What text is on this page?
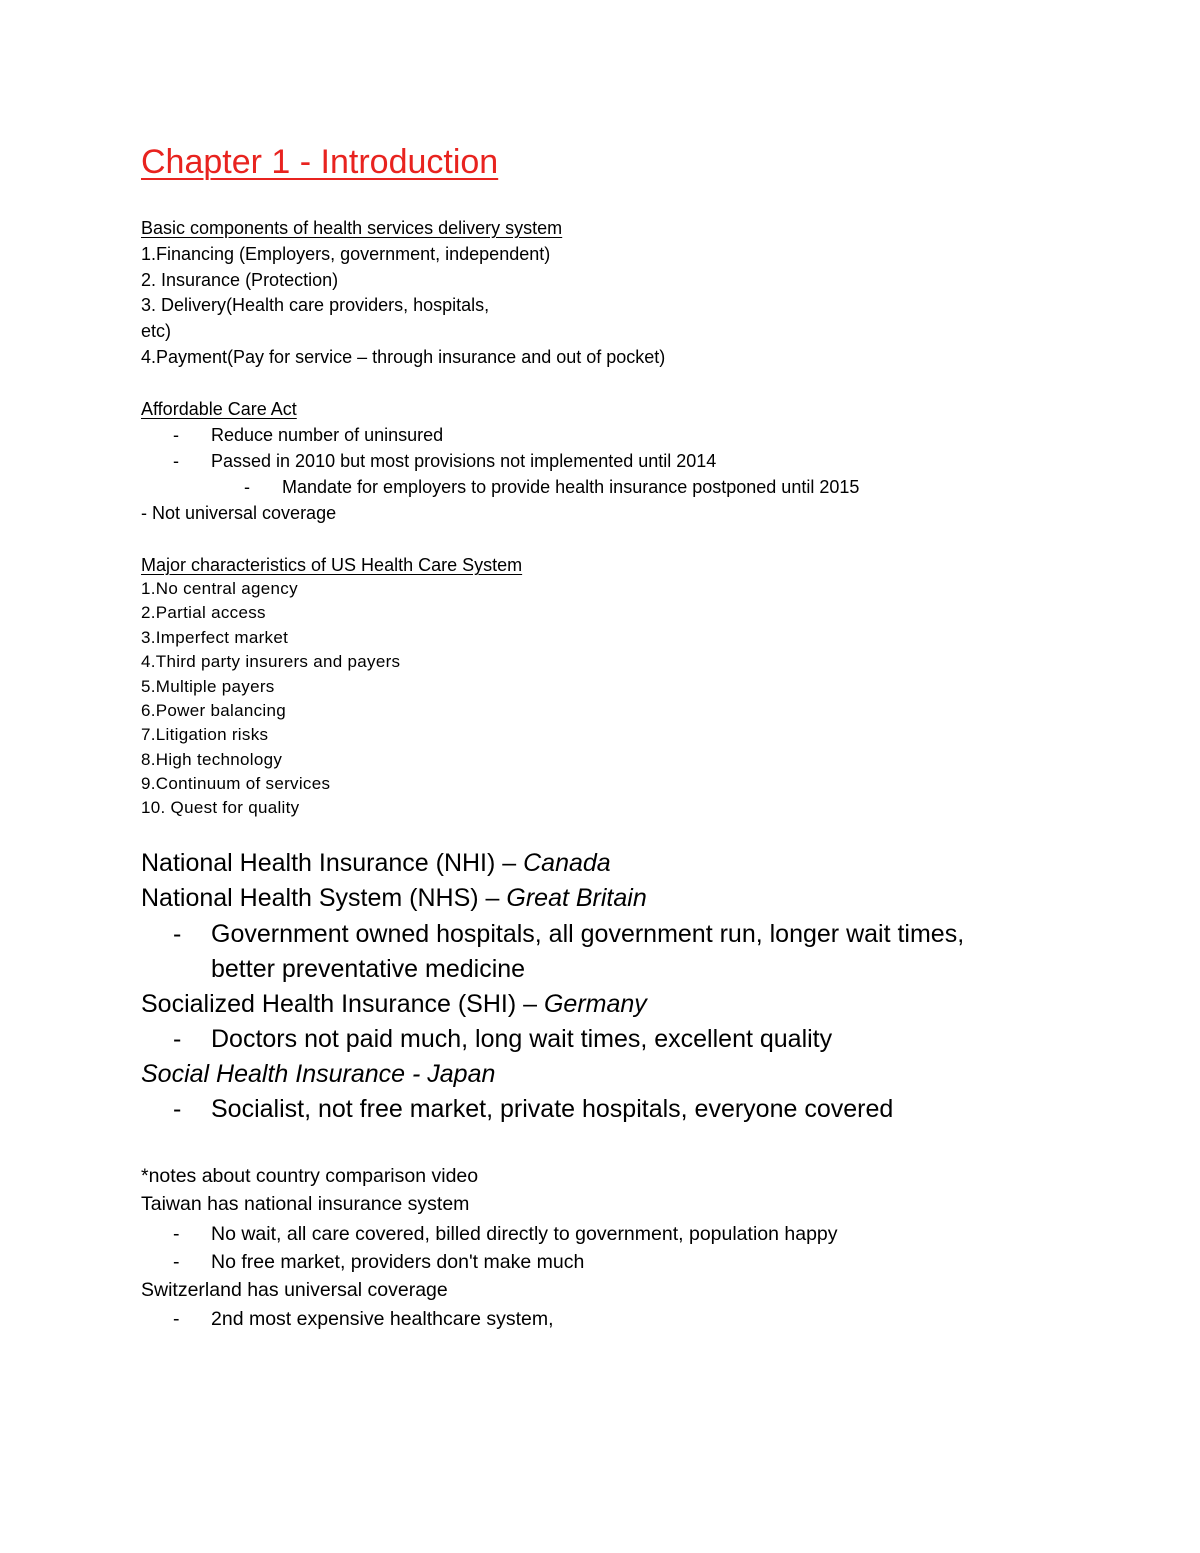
Chapter 1 - Introduction
Basic components of health services delivery system
1.Financing (Employers, government, independent)
2. Insurance (Protection)
3. Delivery(Health care providers, hospitals,
etc)
4.Payment(Pay for service – through insurance and out of pocket)
Affordable Care Act
- Reduce number of uninsured
- Passed in 2010 but most provisions not implemented until 2014
- Mandate for employers to provide health insurance postponed until 2015
- Not universal coverage
Major characteristics of US Health Care System
1.No central agency
2.Partial access
3.Imperfect market
4.Third party insurers and payers
5.Multiple payers
6.Power balancing
7.Litigation risks
8.High technology
9.Continuum of services
10. Quest for quality
National Health Insurance (NHI) – Canada
National Health System (NHS) – Great Britain
- Government owned hospitals, all government run, longer wait times,
better preventative medicine
Socialized Health Insurance (SHI) – Germany
- Doctors not paid much, long wait times, excellent quality
Social Health Insurance - Japan
- Socialist, not free market, private hospitals, everyone covered
*notes about country comparison video
Taiwan has national insurance system
- No wait, all care covered, billed directly to government, population happy
- No free market, providers don't make much
Switzerland has universal coverage
- 2nd most expensive healthcare system,
